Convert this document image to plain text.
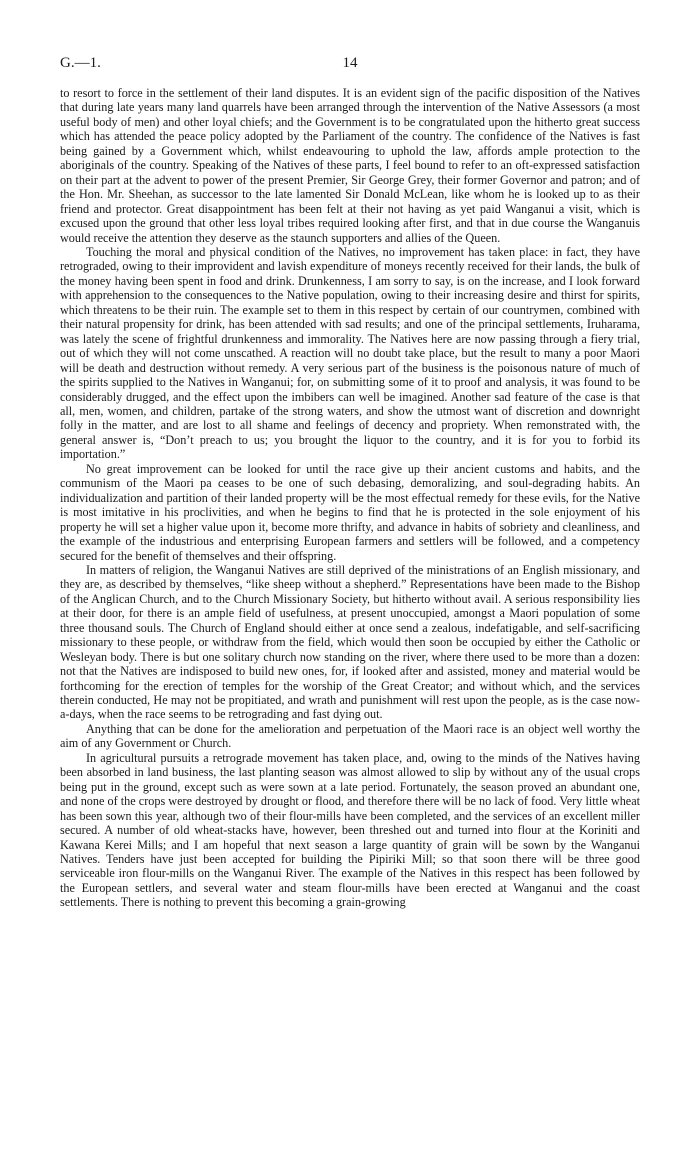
G.—1.	14

to resort to force in the settlement of their land disputes. It is an evident sign of the pacific disposition of the Natives that during late years many land quarrels have been arranged through the intervention of the Native Assessors (a most useful body of men) and other loyal chiefs; and the Government is to be congratulated upon the hitherto great success which has attended the peace policy adopted by the Parliament of the country. The confidence of the Natives is fast being gained by a Government which, whilst endeavouring to uphold the law, affords ample protection to the aboriginals of the country. Speaking of the Natives of these parts, I feel bound to refer to an oft-expressed satisfaction on their part at the advent to power of the present Premier, Sir George Grey, their former Governor and patron; and of the Hon. Mr. Sheehan, as successor to the late lamented Sir Donald McLean, like whom he is looked up to as their friend and protector. Great disappointment has been felt at their not having as yet paid Wanganui a visit, which is excused upon the ground that other less loyal tribes required looking after first, and that in due course the Wanganuis would receive the attention they deserve as the staunch supporters and allies of the Queen.

Touching the moral and physical condition of the Natives, no improvement has taken place: in fact, they have retrograded, owing to their improvident and lavish expenditure of moneys recently received for their lands, the bulk of the money having been spent in food and drink. Drunkenness, I am sorry to say, is on the increase, and I look forward with apprehension to the consequences to the Native population, owing to their increasing desire and thirst for spirits, which threatens to be their ruin. The example set to them in this respect by certain of our countrymen, combined with their natural propensity for drink, has been attended with sad results; and one of the principal settlements, Iruharama, was lately the scene of frightful drunkenness and immorality. The Natives here are now passing through a fiery trial, out of which they will not come unscathed. A reaction will no doubt take place, but the result to many a poor Maori will be death and destruction without remedy. A very serious part of the business is the poisonous nature of much of the spirits supplied to the Natives in Wanganui; for, on submitting some of it to proof and analysis, it was found to be considerably drugged, and the effect upon the imbibers can well be imagined. Another sad feature of the case is that all, men, women, and children, partake of the strong waters, and show the utmost want of discretion and downright folly in the matter, and are lost to all shame and feelings of decency and propriety. When remonstrated with, the general answer is, “Don’t preach to us; you brought the liquor to the country, and it is for you to forbid its importation.”

No great improvement can be looked for until the race give up their ancient customs and habits, and the communism of the Maori pa ceases to be one of such debasing, demoralizing, and soul-degrading habits. An individualization and partition of their landed property will be the most effectual remedy for these evils, for the Native is most imitative in his proclivities, and when he begins to find that he is protected in the sole enjoyment of his property he will set a higher value upon it, become more thrifty, and advance in habits of sobriety and cleanliness, and the example of the industrious and enterprising European farmers and settlers will be followed, and a competency secured for the benefit of themselves and their offspring.

In matters of religion, the Wanganui Natives are still deprived of the ministrations of an English missionary, and they are, as described by themselves, “like sheep without a shepherd.” Representations have been made to the Bishop of the Anglican Church, and to the Church Missionary Society, but hitherto without avail. A serious responsibility lies at their door, for there is an ample field of usefulness, at present unoccupied, amongst a Maori population of some three thousand souls. The Church of England should either at once send a zealous, indefatigable, and self-sacrificing missionary to these people, or withdraw from the field, which would then soon be occupied by either the Catholic or Wesleyan body. There is but one solitary church now standing on the river, where there used to be more than a dozen: not that the Natives are indisposed to build new ones, for, if looked after and assisted, money and material would be forthcoming for the erection of temples for the worship of the Great Creator; and without which, and the services therein conducted, He may not be propitiated, and wrath and punishment will rest upon the people, as is the case now-a-days, when the race seems to be retrograding and fast dying out.

Anything that can be done for the amelioration and perpetuation of the Maori race is an object well worthy the aim of any Government or Church.

In agricultural pursuits a retrograde movement has taken place, and, owing to the minds of the Natives having been absorbed in land business, the last planting season was almost allowed to slip by without any of the usual crops being put in the ground, except such as were sown at a late period. Fortunately, the season proved an abundant one, and none of the crops were destroyed by drought or flood, and therefore there will be no lack of food. Very little wheat has been sown this year, although two of their flour-mills have been completed, and the services of an excellent miller secured. A number of old wheat-stacks have, however, been threshed out and turned into flour at the Koriniti and Kawana Kerei Mills; and I am hopeful that next season a large quantity of grain will be sown by the Wanganui Natives. Tenders have just been accepted for building the Pipiriki Mill; so that soon there will be three good serviceable iron flour-mills on the Wanganui River. The example of the Natives in this respect has been followed by the European settlers, and several water and steam flour-mills have been erected at Wanganui and the coast settlements. There is nothing to prevent this becoming a grain-growing
